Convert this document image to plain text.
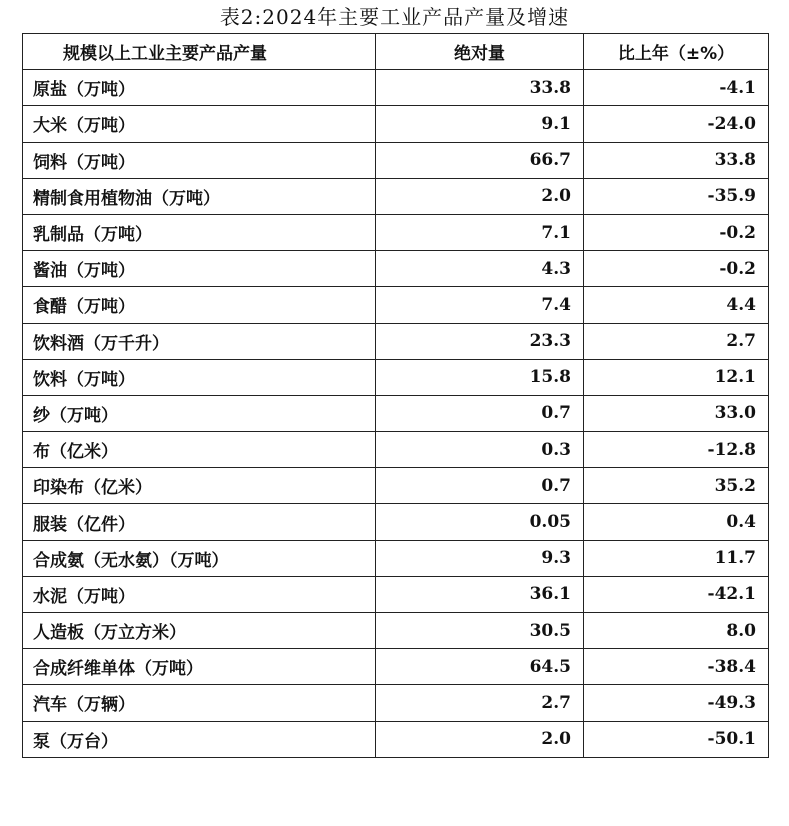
表2:2024年主要工业产品产量及增速
规模以上工业主要产品产量	绝对量	比上年（±%）
原盐（万吨）	33.8	-4.1
大米（万吨）	9.1	-24.0
饲料（万吨）	66.7	33.8
精制食用植物油（万吨）	2.0	-35.9
乳制品（万吨）	7.1	-0.2
酱油（万吨）	4.3	-0.2
食醋（万吨）	7.4	4.4
饮料酒（万千升）	23.3	2.7
饮料（万吨）	15.8	12.1
纱（万吨）	0.7	33.0
布（亿米）	0.3	-12.8
印染布（亿米）	0.7	35.2
服装（亿件）	0.05	0.4
合成氨（无水氨）（万吨）	9.3	11.7
水泥（万吨）	36.1	-42.1
人造板（万立方米）	30.5	8.0
合成纤维单体（万吨）	64.5	-38.4
汽车（万辆）	2.7	-49.3
泵（万台）	2.0	-50.1
